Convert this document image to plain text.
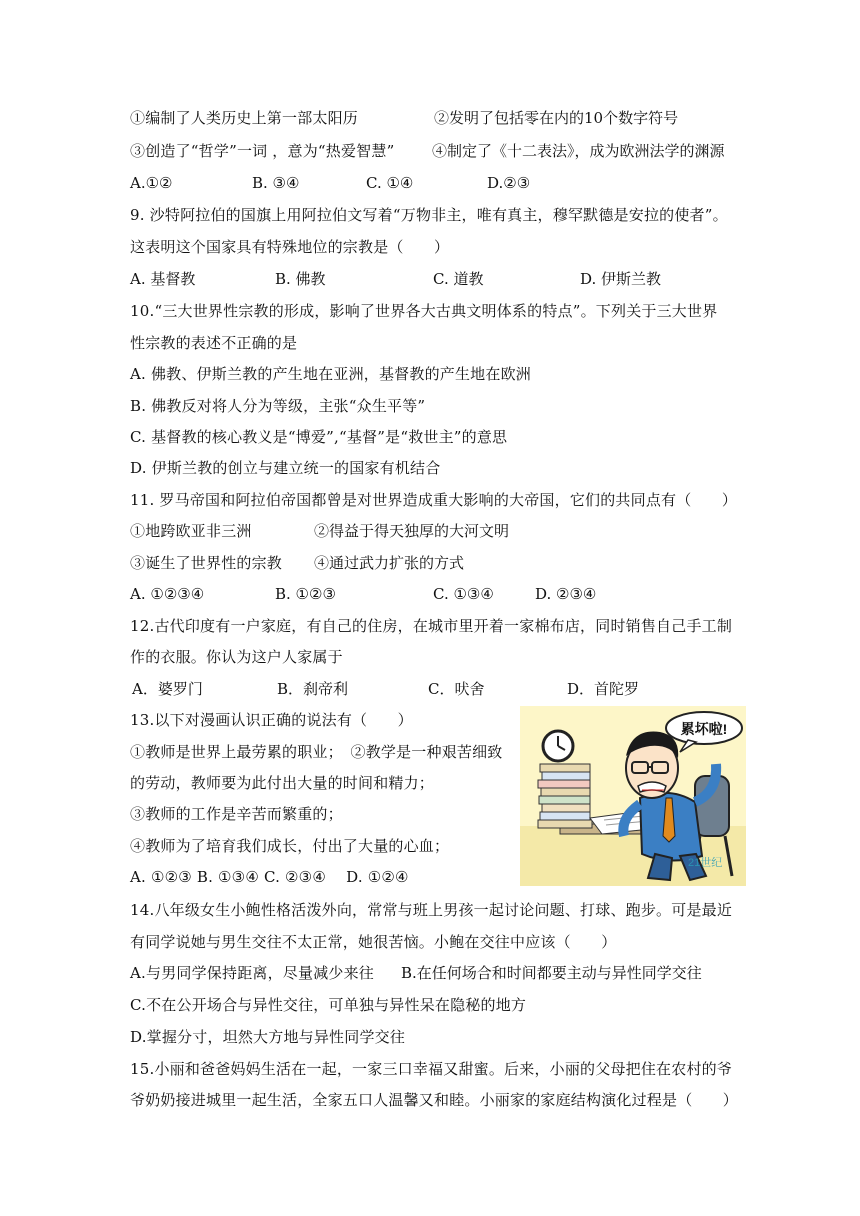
①编制了人类历史上第一部太阳历	②发明了包括零在内的10个数字符号
③创造了“哲学”一词 ，意为“热爱智慧”	④制定了《十二表法》，成为欧洲法学的渊源
A.①②	B. ③④	C. ①④	D.②③
9. 沙特阿拉伯的国旗上用阿拉伯文写着“万物非主，唯有真主，穆罕默德是安拉的使者”。
这表明这个国家具有特殊地位的宗教是（　　）
A. 基督教	B. 佛教	C. 道教	D. 伊斯兰教
10.“三大世界性宗教的形成，影响了世界各大古典文明体系的特点”。下列关于三大世界
性宗教的表述不正确的是
A. 佛教、伊斯兰教的产生地在亚洲，基督教的产生地在欧洲
B. 佛教反对将人分为等级，主张“众生平等”
C. 基督教的核心教义是“博爱”,“基督”是“救世主”的意思
D. 伊斯兰教的创立与建立统一的国家有机结合
11. 罗马帝国和阿拉伯帝国都曾是对世界造成重大影响的大帝国，它们的共同点有（　　）
①地跨欧亚非三洲	②得益于得天独厚的大河文明
③诞生了世界性的宗教 ④通过武力扩张的方式
A. ①②③④	B. ①②③	C. ①③④	D. ②③④
12.古代印度有一户家庭，有自己的住房，在城市里开着一家棉布店，同时销售自己手工制
作的衣服。你认为这户人家属于
A．婆罗门	B．刹帝利	C．吠舍	D．首陀罗
13.以下对漫画认识正确的说法有（　　）
①教师是世界上最劳累的职业；　②教学是一种艰苦细致
的劳动，教师要为此付出大量的时间和精力；
③教师的工作是辛苦而繁重的；
④教师为了培育我们成长，付出了大量的心血；
A. ①②③ B. ①③④ C. ②③④　 D. ①②④
累坏啦!
21世纪
14.八年级女生小鲍性格活泼外向，常常与班上男孩一起讨论问题、打球、跑步。可是最近
有同学说她与男生交往不太正常，她很苦恼。小鲍在交往中应该（　　）
A.与男同学保持距离，尽量减少来往 B.在任何场合和时间都要主动与异性同学交往
C.不在公开场合与异性交往，可单独与异性呆在隐秘的地方
D.掌握分寸，坦然大方地与异性同学交往
15.小丽和爸爸妈妈生活在一起，一家三口幸福又甜蜜。后来，小丽的父母把住在农村的爷
爷奶奶接进城里一起生活，全家五口人温馨又和睦。小丽家的家庭结构演化过程是（　　）
